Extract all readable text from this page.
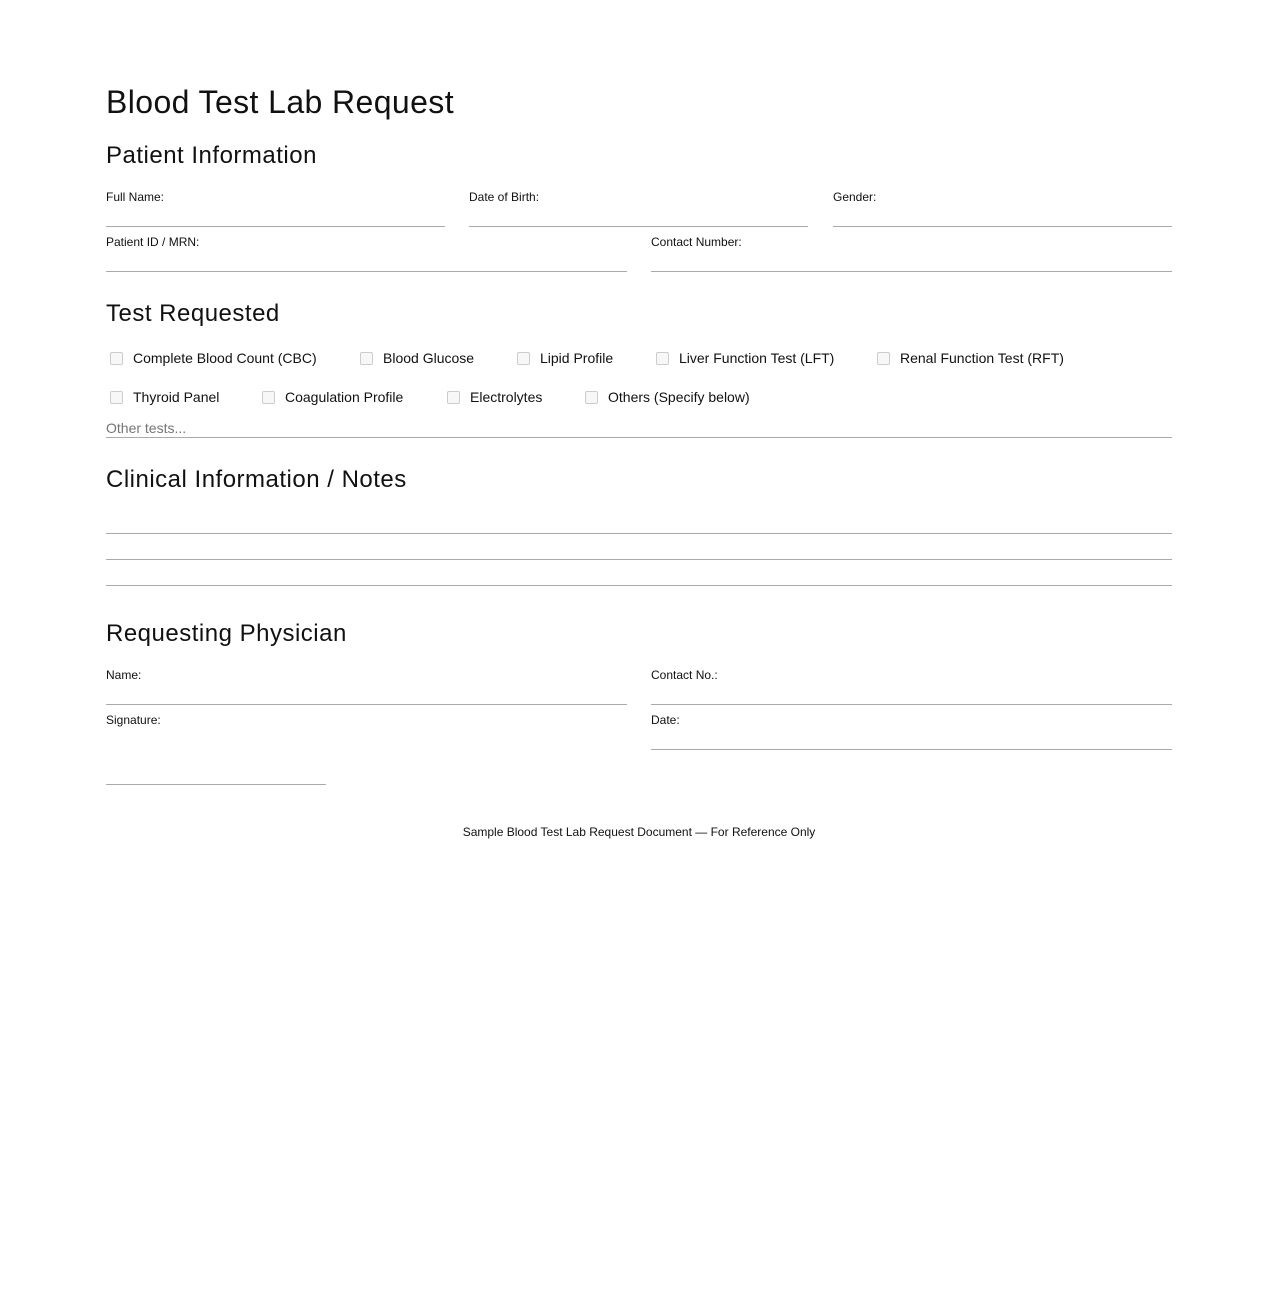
Blood Test Lab Request
Patient Information
Full Name:	Date of Birth:	Gender:
Patient ID / MRN:	Contact Number:
Test Requested
Complete Blood Count (CBC)	Blood Glucose	Lipid Profile	Liver Function Test (LFT)	Renal Function Test (RFT)
Thyroid Panel	Coagulation Profile	Electrolytes	Others (Specify below)
Other tests...
Clinical Information / Notes
Requesting Physician
Name:	Contact No.:
Signature:	Date:
Sample Blood Test Lab Request Document — For Reference Only
